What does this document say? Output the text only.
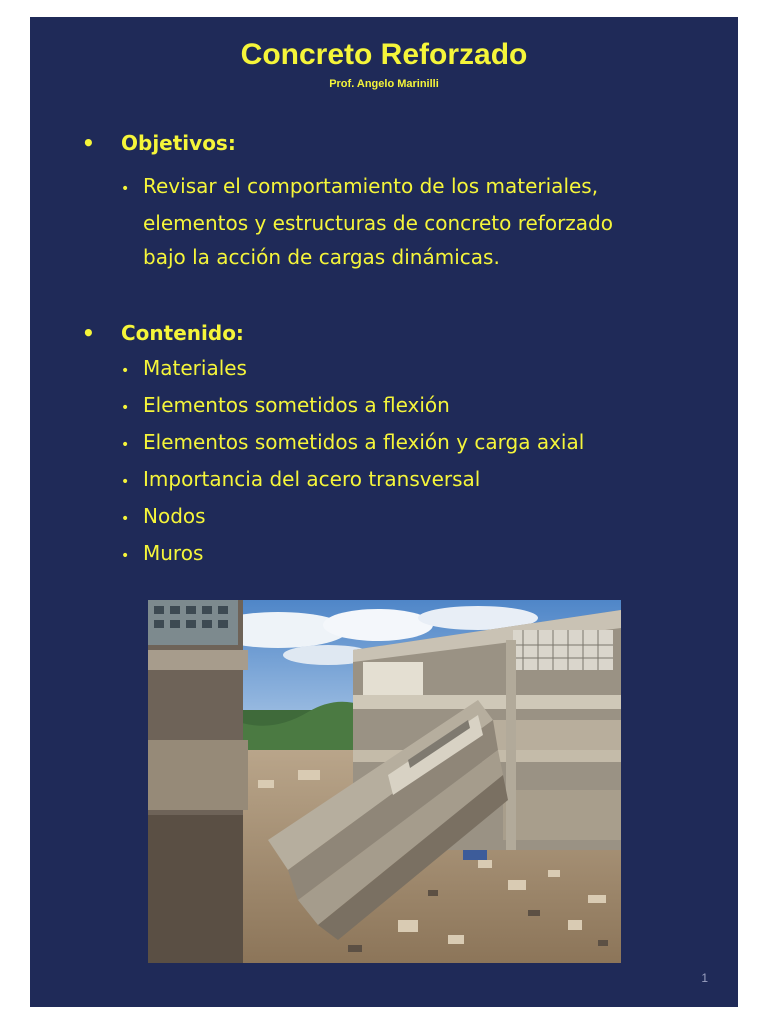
Concreto Reforzado
Prof. Angelo Marinilli
• Objetivos:
• Revisar el comportamiento de los materiales,
elementos y estructuras de concreto reforzado
bajo la acción de cargas dinámicas.
• Contenido:
• Materiales
• Elementos sometidos a flexión
• Elementos sometidos a flexión y carga axial
• Importancia del acero transversal
• Nodos
• Muros
1
